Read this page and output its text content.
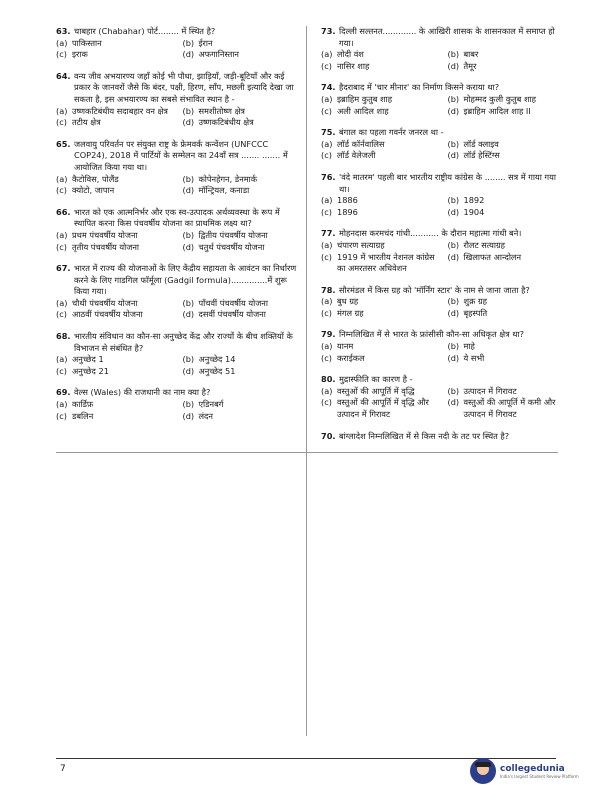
63. चाबहार (Chabahar) पोर्ट........ में स्थित है?
(a) पाकिस्तान	(b) ईरान
(c) इराक	(d) अफगानिस्तान
64. वन्य जीव अभयारण्य जहाँ कोई भी पौधा, झाड़ियाँ, जड़ी-बूटियाँ और कई प्रकार के जानवरों जैसे कि बंदर, पक्षी, हिरण, साँप, मछली इत्यादि देखा जा सकता है, इस अभयारण्य का सबसे संभावित स्थान है -
(a) उष्णकटिबंधीय सदाबहार वन क्षेत्र (b) समशीतोष्ण क्षेत्र
(c) तटीय क्षेत्र	(d) उष्णकटिबंधीय क्षेत्र
65. जलवायु परिवर्तन पर संयुक्त राष्ट्र के फ्रेमवर्क कन्वेंशन (UNFCCC COP24), 2018 में पार्टियों के सम्मेलन का 24वाँ सत्र ....... ....... में आयोजित किया गया था।
(a) कैटोविस, पोलैंड	(b) कोपेनहेगन, डेनमार्क
(c) क्योटो, जापान	(d) मॉन्ट्रियल, कनाडा
66. भारत को एक आत्मनिर्भर और एक स्व-उत्पादक अर्थव्यवस्था के रूप में स्थापित करना किस पंचवर्षीय योजना का प्राथमिक लक्ष्य था?
(a) प्रथम पंचवर्षीय योजना	(b) द्वितीय पंचवर्षीय योजना
(c) तृतीय पंचवर्षीय योजना	(d) चतुर्थ पंचवर्षीय योजना
67. भारत में राज्य की योजनाओं के लिए केंद्रीय सहायता के आवंटन का निर्धारण करने के लिए गाडगिल फॉर्मूला (Gadgil formula)..............में शुरू किया गया।
(a) चौथी पंचवर्षीय योजना	(b) पाँचवीं पंचवर्षीय योजना
(c) आठवीं पंचवर्षीय योजना	(d) दसवीं पंचवर्षीय योजना
68. भारतीय संविधान का कौन-सा अनुच्छेद केंद्र और राज्यों के बीच शक्तियों के विभाजन से संबंधित है?
(a) अनुच्छेद 1	(b) अनुच्छेद 14
(c) अनुच्छेद 21	(d) अनुच्छेद 51
69. वेल्स (Wales) की राजधानी का नाम क्या है?
(a) कार्डिफ़	(b) एडिनबर्ग
(c) डबलिन	(d) लंदन
73. दिल्ली सल्तनत............. के आखिरी शासक के शासनकाल में समाप्त हो गया।
(a) लोदी वंश	(b) बाबर
(c) नासिर शाह	(d) तैमूर
74. हैदराबाद में 'चार मीनार' का निर्माण किसने कराया था?
(a) इब्राहिम कुतुब शाह	(b) मोहम्मद कुली कुतुब शाह
(c) अली आदिल शाह	(d) इब्राहिम आदिल शाह II
75. बंगाल का पहला गवर्नर जनरल था -
(a) लॉर्ड कॉर्नवालिस	(b) लॉर्ड क्लाइव
(c) लॉर्ड वेलेजली	(d) लॉर्ड हेस्टिंग्स
76. 'वंदे मातरम' पहली बार भारतीय राष्ट्रीय कांग्रेस के ........ सत्र में गाया गया था।
(a) 1886	(b) 1892
(c) 1896	(d) 1904
77. मोहनदास करमचंद गांधी........... के दौरान महात्मा गांधी बने।
(a) चंपारण सत्याग्रह	(b) रौलट सत्याग्रह
(c) 1919 में भारतीय नेशनल कांग्रेस का अमरतसर अधिवेशन
(d) खिलाफत आन्दोलन
78. सौरमंडल में किस ग्रह को 'मॉर्निंग स्टार' के नाम से जाना जाता है?
(a) बुध ग्रह	(b) शुक्र ग्रह
(c) मंगल ग्रह	(d) बृहस्पति
79. निम्नलिखित में से भारत के फ्रांसीसी कौन-सा अधिकृत क्षेत्र था?
(a) यानम	(b) माहे
(c) कराईकल	(d) ये सभी
80. मुद्रास्फीति का कारण है -
(a) वस्तुओं की आपूर्ति में वृद्धि	(b) उत्पादन में गिरावट
(c) वस्तुओं की आपूर्ति में वृद्धि और उत्पादन में गिरावट
(d) वस्तुओं की आपूर्ति में कमी और उत्पादन में गिरावट
70. बांग्लादेश निम्नलिखित में से किस नदी के तट पर स्थित है?
7	collegedunia
India's largest Student Review Platform
